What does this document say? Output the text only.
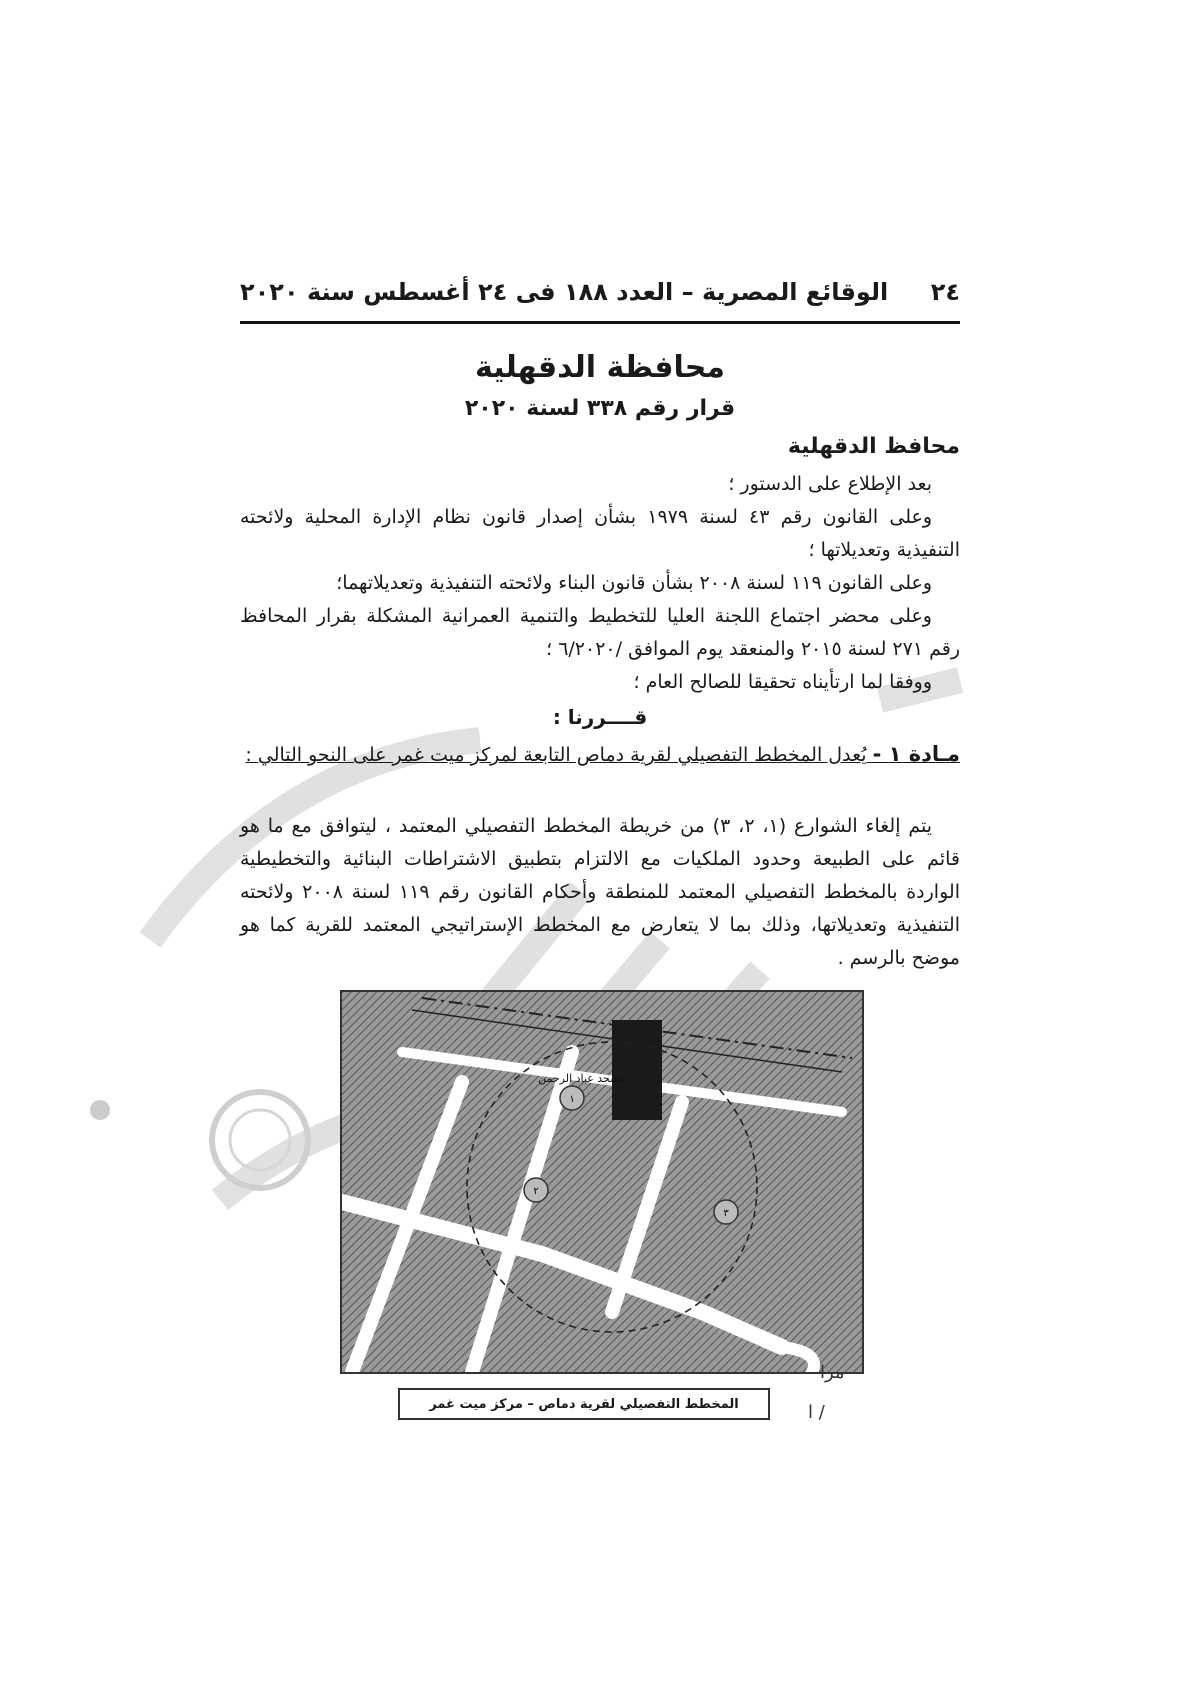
٢٤
الوقائع المصرية – العدد ١٨٨ فى ٢٤ أغسطس سنة ٢٠٢٠
محافظة الدقهلية
قرار رقم ٣٣٨ لسنة ٢٠٢٠
محافظ الدقهلية
بعد الإطلاع على الدستور ؛
وعلى القانون رقم ٤٣ لسنة ١٩٧٩ بشأن إصدار قانون نظام الإدارة المحلية ولائحته التنفيذية وتعديلاتها ؛
وعلى القانون ١١٩ لسنة ٢٠٠٨ بشأن قانون البناء ولائحته التنفيذية وتعديلاتهما؛
وعلى محضر اجتماع اللجنة العليا للتخطيط والتنمية العمرانية المشكلة بقرار المحافظ رقم ٢٧١ لسنة ٢٠١٥ والمنعقد يوم الموافق /٦/٢٠٢٠ ؛
ووفقا لما ارتأيناه تحقيقا للصالح العام ؛
قــــررنا :
مـادة ١ - يُعدل المخطط التفصيلي لقرية دماص التابعة لمركز ميت غمر على النحو التالي :
يتم إلغاء الشوارع (١، ٢، ٣) من خريطة المخطط التفصيلي المعتمد ، ليتوافق مع ما هو قائم على الطبيعة وحدود الملكيات مع الالتزام بتطبيق الاشتراطات البنائية والتخطيطية الواردة بالمخطط التفصيلي المعتمد للمنطقة وأحكام القانون رقم ١١٩ لسنة ٢٠٠٨ ولائحته التنفيذية وتعديلاتها، وذلك بما لا يتعارض مع المخطط الإستراتيجي المعتمد للقرية كما هو موضح بالرسم .
مسجد عباد الرحمن
١
٢
٣
المخطط التفصيلي لقرية دماص – مركز ميت غمر
ﻣﺮﺍ
ﺍ /
